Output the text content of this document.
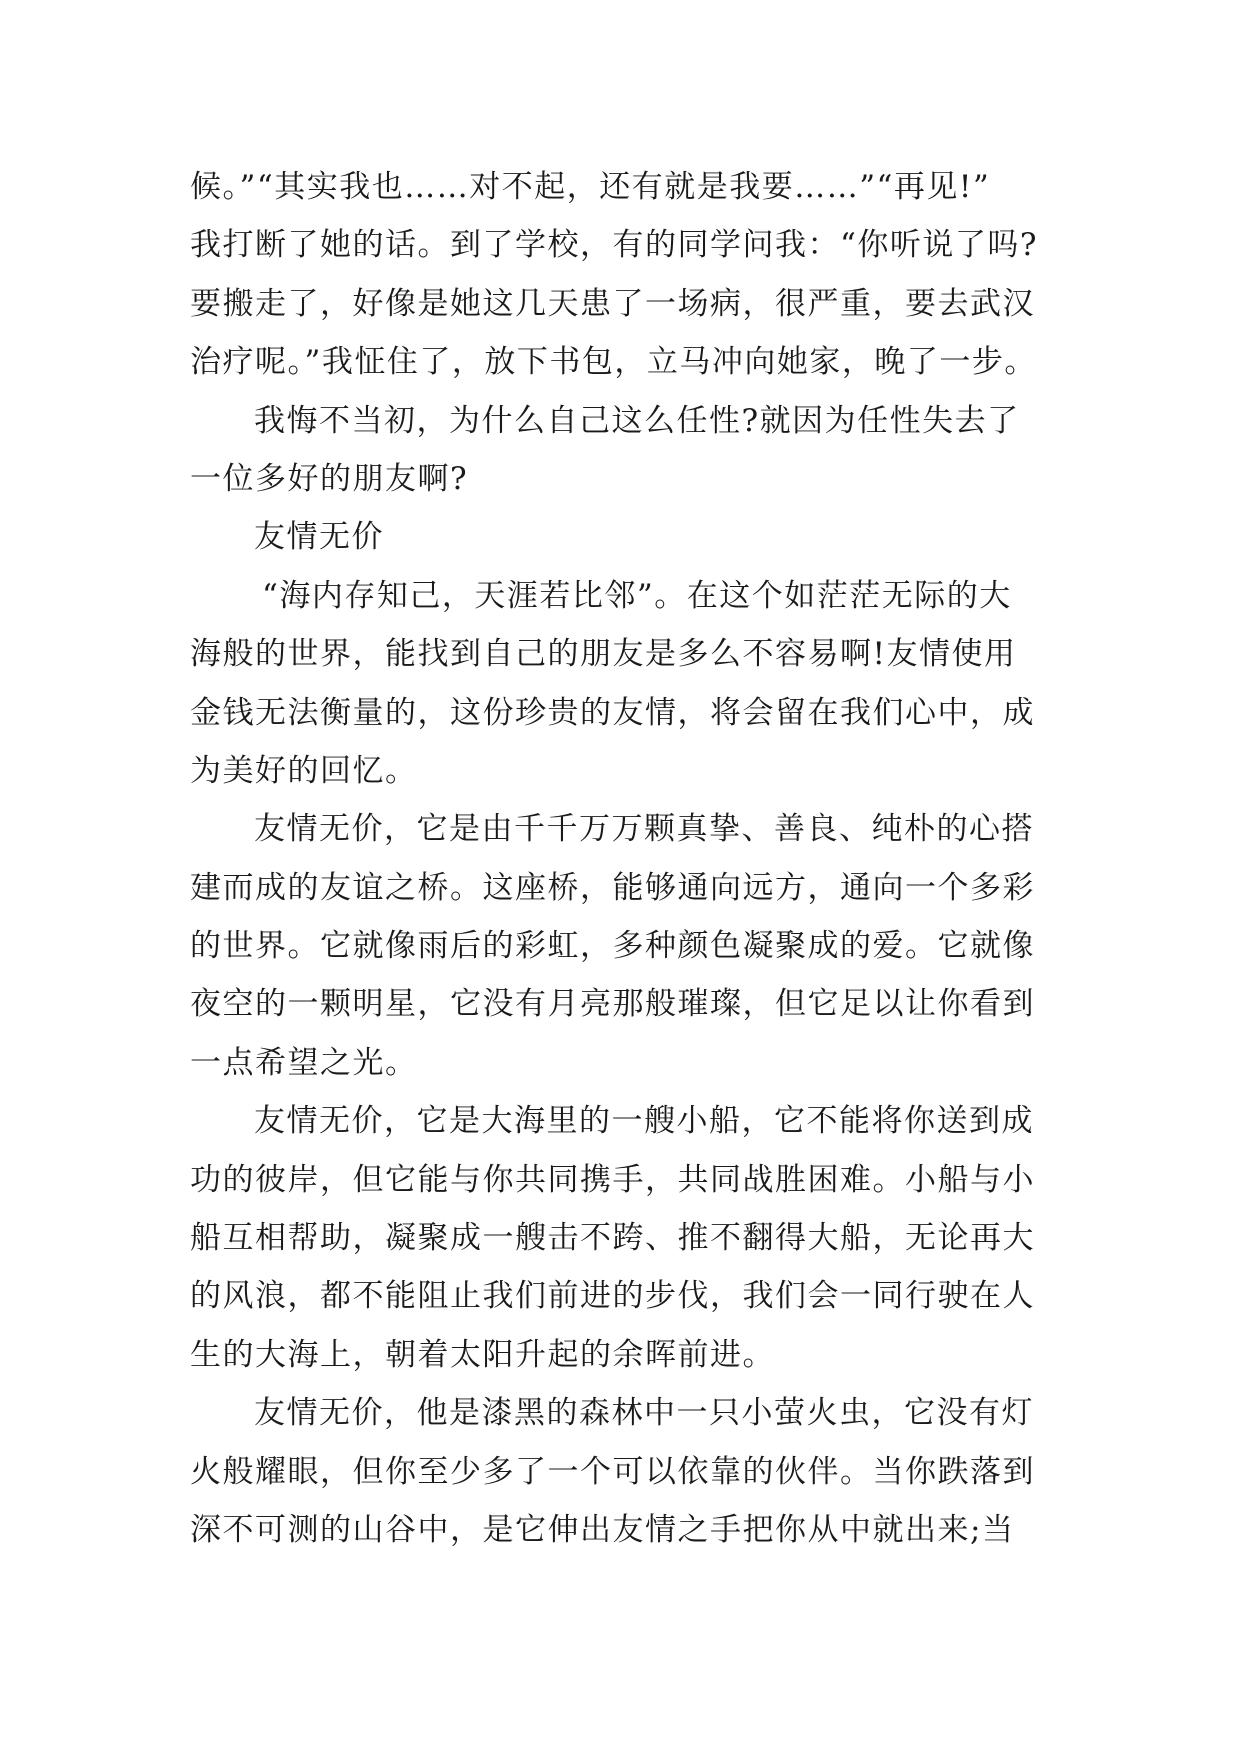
候。”“其实我也……对不起，还有就是我要……”“再见!”
我打断了她的话。到了学校，有的同学问我：“你听说了吗?
要搬走了，好像是她这几天患了一场病，很严重，要去武汉
治疗呢。”我怔住了，放下书包，立马冲向她家，晚了一步。
我悔不当初，为什么自己这么任性?就因为任性失去了
一位多好的朋友啊?
友情无价
“海内存知己，天涯若比邻”。在这个如茫茫无际的大
海般的世界，能找到自己的朋友是多么不容易啊!友情使用
金钱无法衡量的，这份珍贵的友情，将会留在我们心中，成
为美好的回忆。
友情无价，它是由千千万万颗真挚、善良、纯朴的心搭
建而成的友谊之桥。这座桥，能够通向远方，通向一个多彩
的世界。它就像雨后的彩虹，多种颜色凝聚成的爱。它就像
夜空的一颗明星，它没有月亮那般璀璨，但它足以让你看到
一点希望之光。
友情无价，它是大海里的一艘小船，它不能将你送到成
功的彼岸，但它能与你共同携手，共同战胜困难。小船与小
船互相帮助，凝聚成一艘击不跨、推不翻得大船，无论再大
的风浪，都不能阻止我们前进的步伐，我们会一同行驶在人
生的大海上，朝着太阳升起的余晖前进。
友情无价，他是漆黑的森林中一只小萤火虫，它没有灯
火般耀眼，但你至少多了一个可以依靠的伙伴。当你跌落到
深不可测的山谷中，是它伸出友情之手把你从中就出来;当
